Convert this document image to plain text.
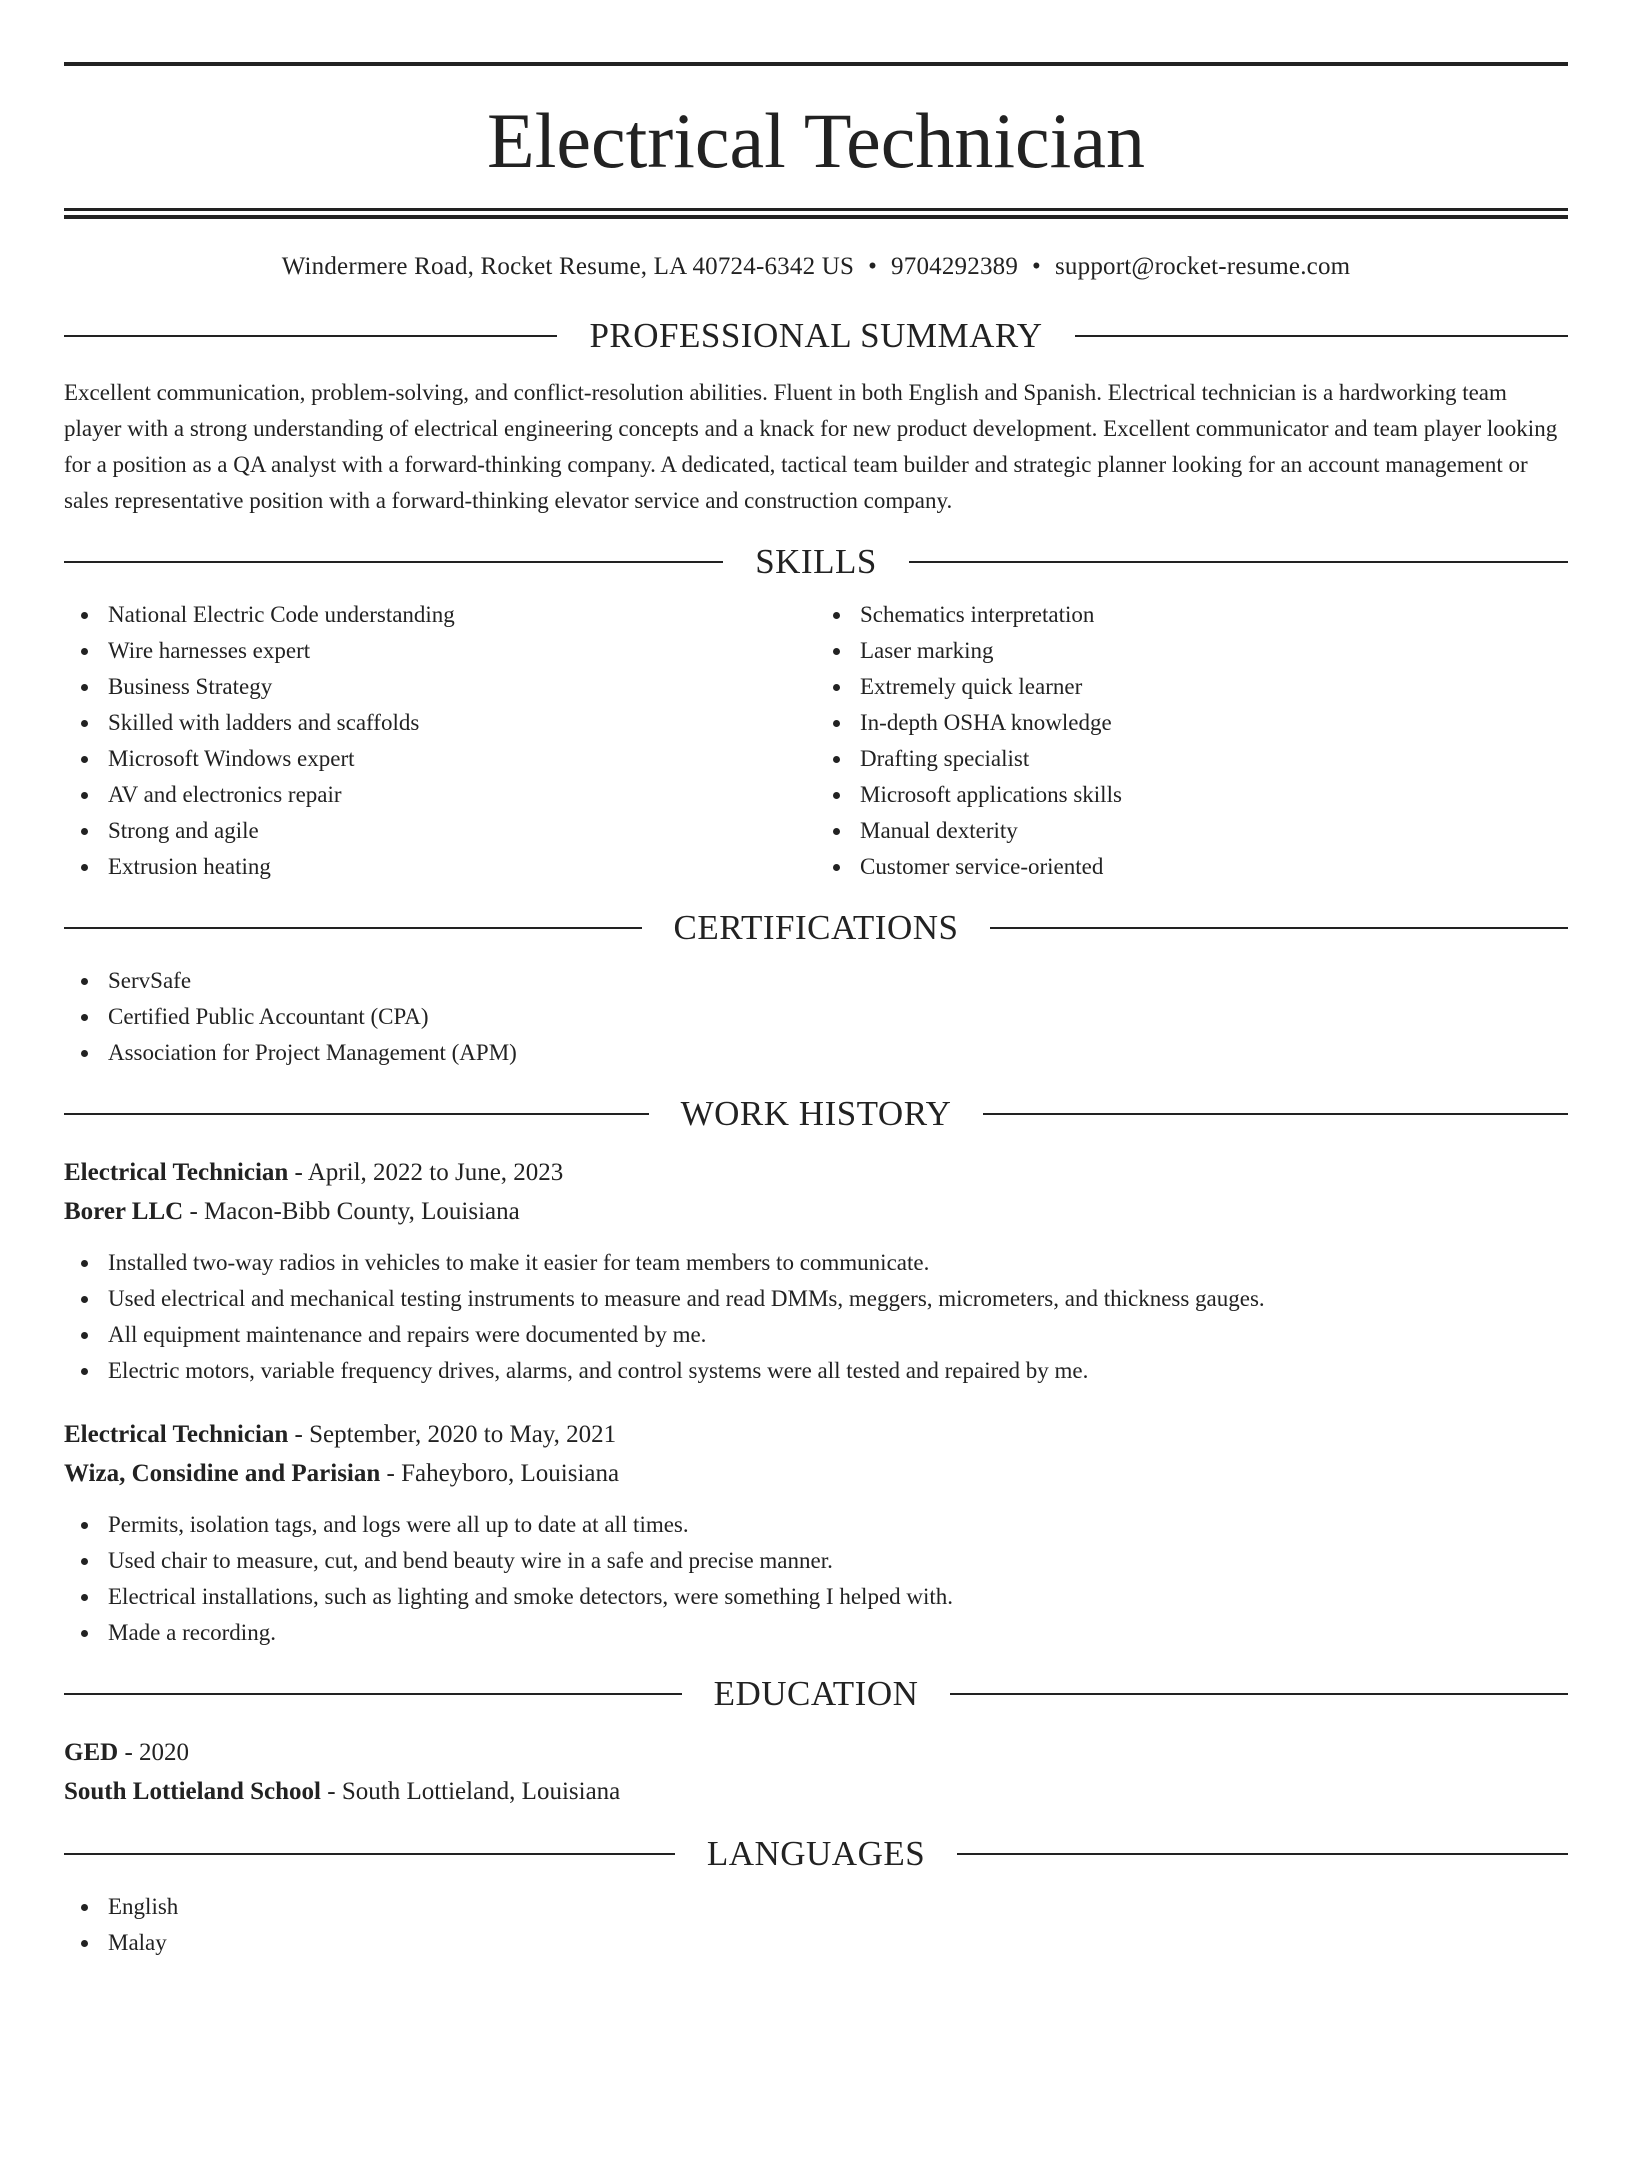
Electrical Technician
Windermere Road, Rocket Resume, LA 40724-6342 US • 9704292389 • support@rocket-resume.com
PROFESSIONAL SUMMARY

Excellent communication, problem-solving, and conflict-resolution abilities. Fluent in both English and Spanish. Electrical technician is a hardworking team player with a strong understanding of electrical engineering concepts and a knack for new product development. Excellent communicator and team player looking for a position as a QA analyst with a forward-thinking company. A dedicated, tactical team builder and strategic planner looking for an account management or sales representative position with a forward-thinking elevator service and construction company.

SKILLS
National Electric Code understanding
Wire harnesses expert
Business Strategy
Skilled with ladders and scaffolds
Microsoft Windows expert
AV and electronics repair
Strong and agile
Extrusion heating
Schematics interpretation
Laser marking
Extremely quick learner
In-depth OSHA knowledge
Drafting specialist
Microsoft applications skills
Manual dexterity
Customer service-oriented
CERTIFICATIONS
ServSafe
Certified Public Accountant (CPA)
Association for Project Management (APM)
WORK HISTORY
Electrical Technician - April, 2022 to June, 2023
Borer LLC - Macon-Bibb County, Louisiana
Installed two-way radios in vehicles to make it easier for team members to communicate.
Used electrical and mechanical testing instruments to measure and read DMMs, meggers, micrometers, and thickness gauges.
All equipment maintenance and repairs were documented by me.
Electric motors, variable frequency drives, alarms, and control systems were all tested and repaired by me.
Electrical Technician - September, 2020 to May, 2021
Wiza, Considine and Parisian - Faheyboro, Louisiana
Permits, isolation tags, and logs were all up to date at all times.
Used chair to measure, cut, and bend beauty wire in a safe and precise manner.
Electrical installations, such as lighting and smoke detectors, were something I helped with.
Made a recording.
EDUCATION
GED - 2020
South Lottieland School - South Lottieland, Louisiana
LANGUAGES
English
Malay
